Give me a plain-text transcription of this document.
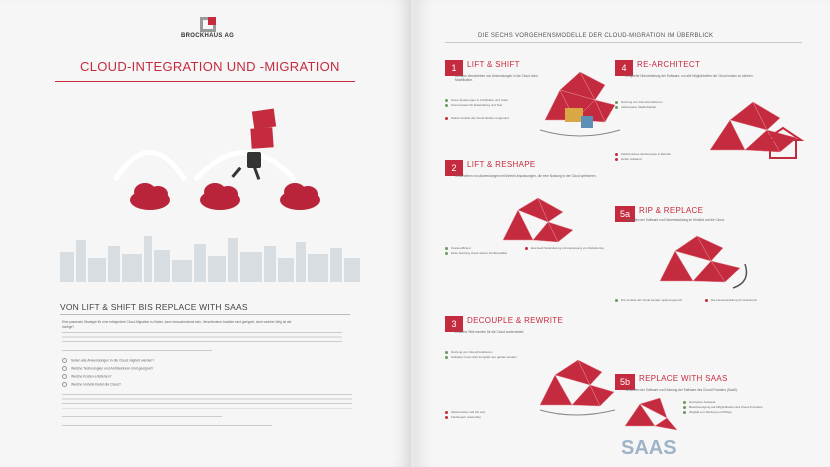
BROCKHAUS AG
CLOUD-INTEGRATION UND -MIGRATION
VON LIFT & SHIFT BIS REPLACE WITH SAAS
Eine passende Strategie für eine erfolgreiche Cloud-Migration zu finden, kann herausfordernd sein. Verschiedene Ansätze sind geeignet, doch welcher Weg ist der richtige?
Sollen alle Anwendungen in die Cloud migriert werden?
Welche Technologien und Architekturen sind geeignet?
Welche Kosten entstehen?
Welche Vorteile bietet die Cloud?
DIE SECHS VORGEHENSMODELLE DER CLOUD-MIGRATION IM ÜBERBLICK
1	LIFT & SHIFT
Direktes Verschieben von Anwendungen in die Cloud ohne Modifikation.
Keine Änderungen in Architektur und Code
Keine Kosten für Entwicklung und Test
Native Vorteile der Cloud bleiben ungenutzt
2	LIFT & RESHAPE
Verschieben von Anwendungen mit kleinen Anpassungen, die eine Nutzung in der Cloud optimieren.
Kostenoffizient
Erste Nutzung cloud-nativer Funktionalität
Eventuell Veränderung mit Anpassung von Refactoring
3	DECOUPLE & REWRITE
Einzelne Teile werden für die Cloud modernisiert.
Nutzung von Cloud-Funktionen
Software muss nicht komplett neu gebaut werden
Zeitintensiven als Lift only
Fachexpert notwendig
4	RE-ARCHITECT
Komplette Überarbeitung der Software, um alle Möglichkeiten der Cloud nutzen zu können.
Nutzung von Cloud-Funktionen
Verbesserte Skalierbarkeit
Zeitintensives da Decouple & Rewrite
Hoher Aufwand
5a	RIP & REPLACE
Verwerfen der Software und Neuentwicklung im Hinblick auf die Cloud.
Die Vorteile der Cloud werden optimal genutzt	Die Neuentwicklung ist zeitintensiv
5b	REPLACE WITH SAAS
Verwerfen der Software und Nutzung der Software des Cloud-Providers (SaaS).
SAAS
Geringster Aufwand
Beschleunigung auf Möglichkeiten des Cloud-Providers
Wegfall von Wartung und Pflege
